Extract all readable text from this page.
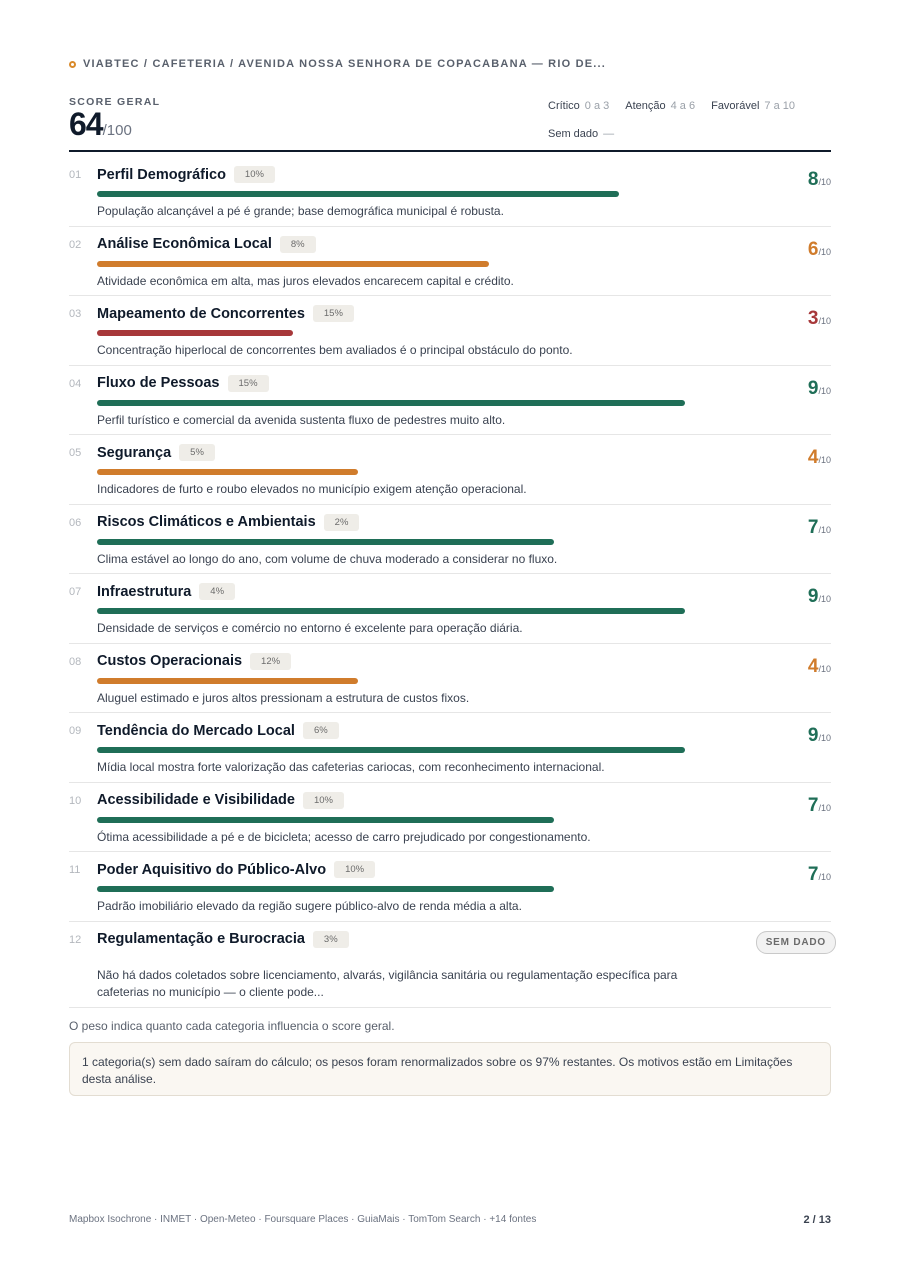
VIABTEC / CAFETERIA / AVENIDA NOSSA SENHORA DE COPACABANA — RIO DE...
SCORE GERAL
64 /100
Crítico 0 a 3 Atenção 4 a 6 Favorável 7 a 10
Sem dado —
01 Perfil Demográfico	10%	8 /10
População alcançável a pé é grande; base demográfica municipal é robusta.
02 Análise Econômica Local	8%	6 /10
Atividade econômica em alta, mas juros elevados encarecem capital e crédito.
03 Mapeamento de Concorrentes	15%	3 /10
Concentração hiperlocal de concorrentes bem avaliados é o principal obstáculo do ponto.
04 Fluxo de Pessoas	15%	9 /10
Perfil turístico e comercial da avenida sustenta fluxo de pedestres muito alto.
05 Segurança	5%	4 /10
Indicadores de furto e roubo elevados no município exigem atenção operacional.
06 Riscos Climáticos e Ambientais	2%	7 /10
Clima estável ao longo do ano, com volume de chuva moderado a considerar no fluxo.
07 Infraestrutura	4%	9 /10
Densidade de serviços e comércio no entorno é excelente para operação diária.
08 Custos Operacionais	12%	4 /10
Aluguel estimado e juros altos pressionam a estrutura de custos fixos.
09 Tendência do Mercado Local	6%	9 /10
Mídia local mostra forte valorização das cafeterias cariocas, com reconhecimento internacional.
10 Acessibilidade e Visibilidade	10%	7 /10
Ótima acessibilidade a pé e de bicicleta; acesso de carro prejudicado por congestionamento.
11 Poder Aquisitivo do Público-Alvo	10%	7 /10
Padrão imobiliário elevado da região sugere público-alvo de renda média a alta.
12 Regulamentação e Burocracia	3%	SEM DADO
Não há dados coletados sobre licenciamento, alvarás, vigilância sanitária ou regulamentação específica para cafeterias no município — o cliente pode...
O peso indica quanto cada categoria influencia o score geral.
1 categoria(s) sem dado saíram do cálculo; os pesos foram renormalizados sobre os 97% restantes. Os motivos estão em Limitações desta análise.
Mapbox Isochrone · INMET · Open-Meteo · Foursquare Places · GuiaMais · TomTom Search · +14 fontes	2 / 13
